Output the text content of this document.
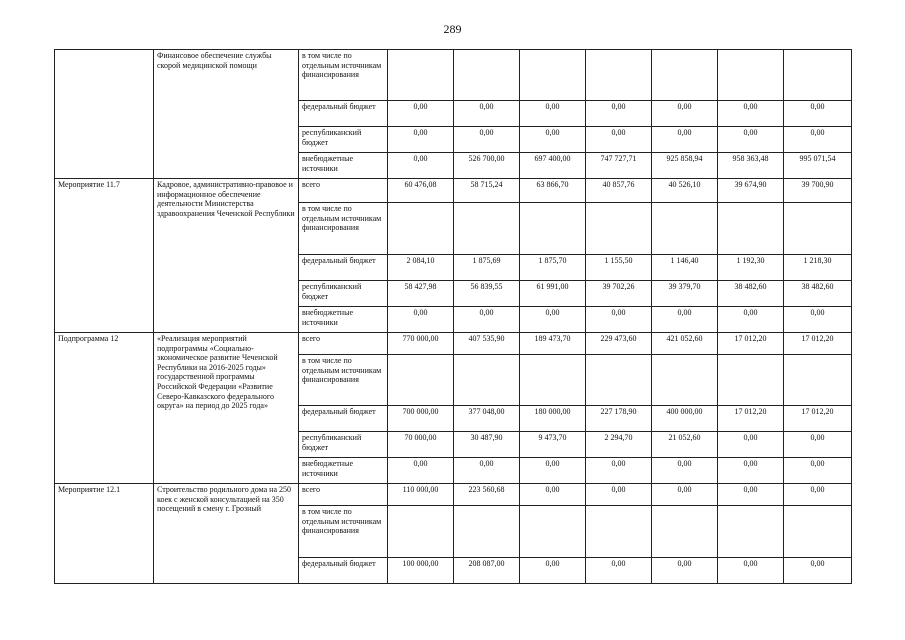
289
	Финансовое обеспечение службы скорой медицинской помощи	в том числе по отдельным источникам финансирования							
		федеральный бюджет	0,00	0,00	0,00	0,00	0,00	0,00	0,00
		республиканский бюджет	0,00	0,00	0,00	0,00	0,00	0,00	0,00
		внебюджетные источники	0,00	526 700,00	697 400,00	747 727,71	925 858,94	958 363,48	995 071,54
Мероприятие 11.7	Кадровое, административно-правовое и информационное обеспечение деятельности Министерства здравоохранения Чеченской Республики	всего	60 476,08	58 715,24	63 866,70	40 857,76	40 526,10	39 674,90	39 700,90
		в том числе по отдельным источникам финансирования							
		федеральный бюджет	2 084,10	1 875,69	1 875,70	1 155,50	1 146,40	1 192,30	1 218,30
		республиканский бюджет	58 427,98	56 839,55	61 991,00	39 702,26	39 379,70	38 482,60	38 482,60
		внебюджетные источники	0,00	0,00	0,00	0,00	0,00	0,00	0,00
Подпрограмма 12	«Реализация мероприятий подпрограммы «Социально-экономическое развитие Чеченской Республики на 2016-2025 годы» государственной программы Российской Федерации «Развитие Северо-Кавказского федерального округа» на период до 2025 года»	всего	770 000,00	407 535,90	189 473,70	229 473,60	421 052,60	17 012,20	17 012,20
		в том числе по отдельным источникам финансирования							
		федеральный бюджет	700 000,00	377 048,00	180 000,00	227 178,90	400 000,00	17 012,20	17 012,20
		республиканский бюджет	70 000,00	30 487,90	9 473,70	2 294,70	21 052,60	0,00	0,00
		внебюджетные источники	0,00	0,00	0,00	0,00	0,00	0,00	0,00
Мероприятие 12.1	Строительство родильного дома на 250 коек с женской консультацией на 350 посещений в смену г. Грозный	всего	110 000,00	223 560,68	0,00	0,00	0,00	0,00	0,00
		в том числе по отдельным источникам финансирования							
		федеральный бюджет	100 000,00	208 087,00	0,00	0,00	0,00	0,00	0,00
